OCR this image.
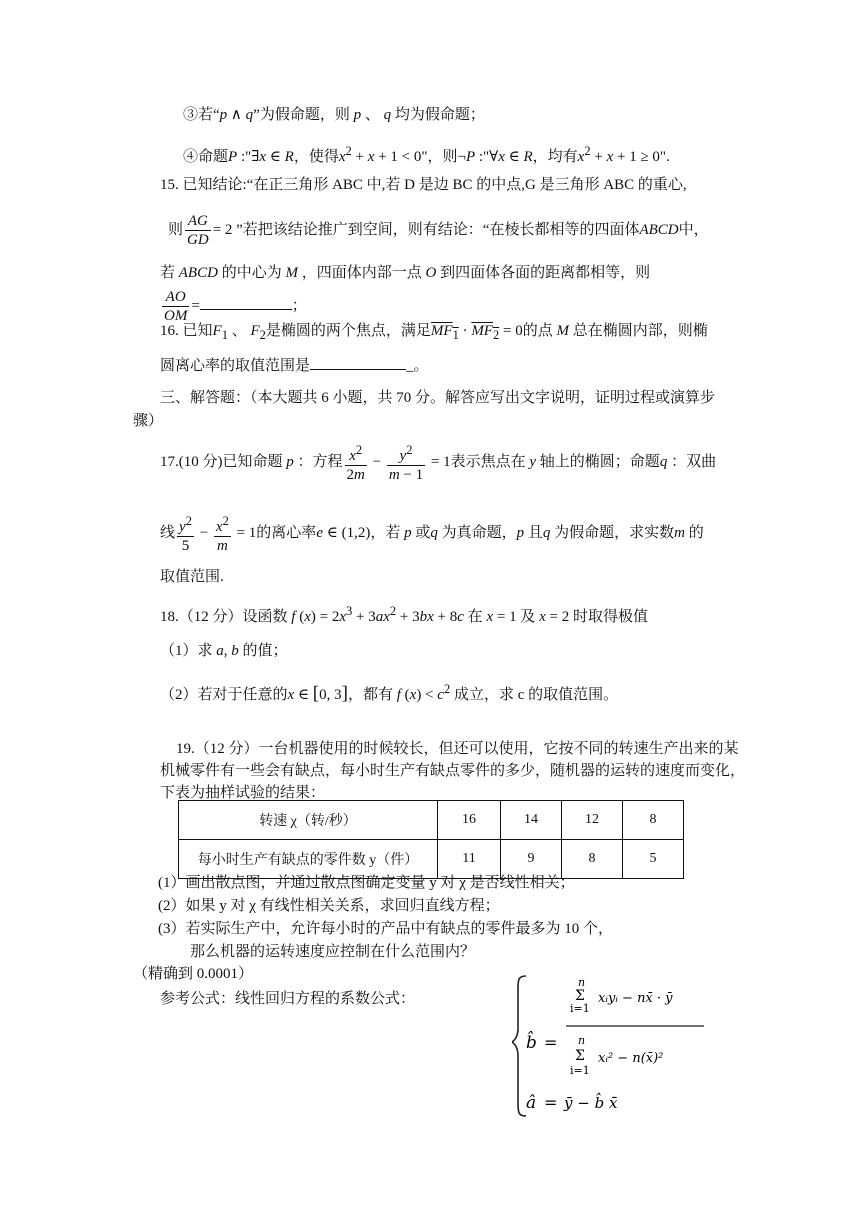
③若“p ∧ q”为假命题，则 p 、 q 均为假命题；
④命题P :"∃x ∈ R，使得$x^2 + x + 1 < 0$"，则¬P :"∀x ∈ R，均有$x^2 + x + 1 \ge 0$".
15. 已知结论:“在正三角形 ABC 中,若 D 是边 BC 的中点,G 是三角形 ABC 的重心,
则 $\frac{AG}{GD} = 2$ ”若把该结论推广到空间，则有结论：“在棱长都相等的四面体ABCD中，
若 ABCD 的中心为 M ，四面体内部一点 O 到四面体各面的距离都相等，则
$\frac{AO}{OM}$ =	；
16. 已知$F_1$ 、 $F_2$是椭圆的两个焦点，满足$MF_1 \cdot MF_2 = 0$的点 M 总在椭圆内部，则椭
圆离心率的取值范围是	_。
三、解答题：（本大题共 6 小题，共 70 分。解答应写出文字说明，证明过程或演算步
骤）
17.(10 分)已知命题 p ：方程 $\frac{x^2}{2m} - \frac{y^2}{m - 1} = 1$表示焦点在 y 轴上的椭圆；命题q ：双曲
线 $\frac{y^2}{5} - \frac{x^2}{m} = 1$的离心率e ∈ (1,2)，若 p 或q 为真命题，p 且q 为假命题，求实数m 的
取值范围.
18.（12 分）设函数 f $(x) = 2x^3 + 3ax^2 + 3bx + 8c$ 在 x = 1 及 x = 2 时取得极值
（1）求 a, b 的值；
（2）若对于任意的x ∈ [0, 3]，都有 f $(x) < c^2$ 成立，求 c 的取值范围。
19.（12 分）一台机器使用的时候较长，但还可以使用，它按不同的转速生产出来的某
机械零件有一些会有缺点，每小时生产有缺点零件的多少，随机器的运转的速度而变化，
下表为抽样试验的结果：
转速 χ（转/秒）	16	14	12	8
每小时生产有缺点的零件数 y（件）	11	9	8	5
(1）画出散点图，并通过散点图确定变量 y 对 χ 是否线性相关；
(2）如果 y 对 χ 有线性相关关系，求回归直线方程；
(3）若实际生产中，允许每小时的产品中有缺点的零件最多为 10 个，
那么机器的运转速度应控制在什么范围内？
（精确到 0.0001）
参考公式：线性回归方程的系数公式：
b̂ =
n
Σ
i=1
xᵢyᵢ − nx̄ · ȳ
n
Σ
i=1
xᵢ² − n(x̄)²
â = ȳ − b̂ x̄
